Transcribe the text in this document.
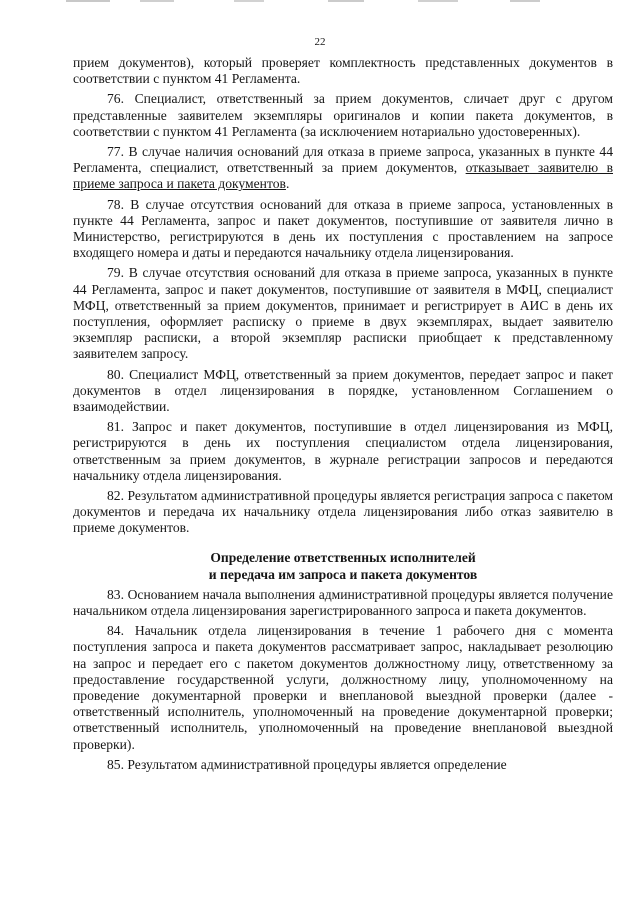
22

прием документов), который проверяет комплектность представленных документов в соответствии с пунктом 41 Регламента.

76. Специалист, ответственный за прием документов, сличает друг с другом представленные заявителем экземпляры оригиналов и копии пакета документов, в соответствии с пунктом 41 Регламента (за исключением нотариально удостоверенных).

77. В случае наличия оснований для отказа в приеме запроса, указанных в пункте 44 Регламента, специалист, ответственный за прием документов, отказывает заявителю в приеме запроса и пакета документов.

78. В случае отсутствия оснований для отказа в приеме запроса, установленных в пункте 44 Регламента, запрос и пакет документов, поступившие от заявителя лично в Министерство, регистрируются в день их поступления с проставлением на запросе входящего номера и даты и передаются начальнику отдела лицензирования.

79. В случае отсутствия оснований для отказа в приеме запроса, указанных в пункте 44 Регламента, запрос и пакет документов, поступившие от заявителя в МФЦ, специалист МФЦ, ответственный за прием документов, принимает и регистрирует в АИС в день их поступления, оформляет расписку о приеме в двух экземплярах, выдает заявителю экземпляр расписки, а второй экземпляр расписки приобщает к представленному заявителем запросу.

80. Специалист МФЦ, ответственный за прием документов, передает запрос и пакет документов в отдел лицензирования в порядке, установленном Соглашением о взаимодействии.

81. Запрос и пакет документов, поступившие в отдел лицензирования из МФЦ, регистрируются в день их поступления специалистом отдела лицензирования, ответственным за прием документов, в журнале регистрации запросов и передаются начальнику отдела лицензирования.

82. Результатом административной процедуры является регистрация запроса с пакетом документов и передача их начальнику отдела лицензирования либо отказ заявителю в приеме документов.

Определение ответственных исполнителей
и передача им запроса и пакета документов

83. Основанием начала выполнения административной процедуры является получение начальником отдела лицензирования зарегистрированного запроса и пакета документов.

84. Начальник отдела лицензирования в течение 1 рабочего дня с момента поступления запроса и пакета документов рассматривает запрос, накладывает резолюцию на запрос и передает его с пакетом документов должностному лицу, ответственному за предоставление государственной услуги, должностному лицу, уполномоченному на проведение документарной проверки и внеплановой выездной проверки (далее - ответственный исполнитель, уполномоченный на проведение документарной проверки; ответственный исполнитель, уполномоченный на проведение внеплановой выездной проверки).

85. Результатом административной процедуры является определение
